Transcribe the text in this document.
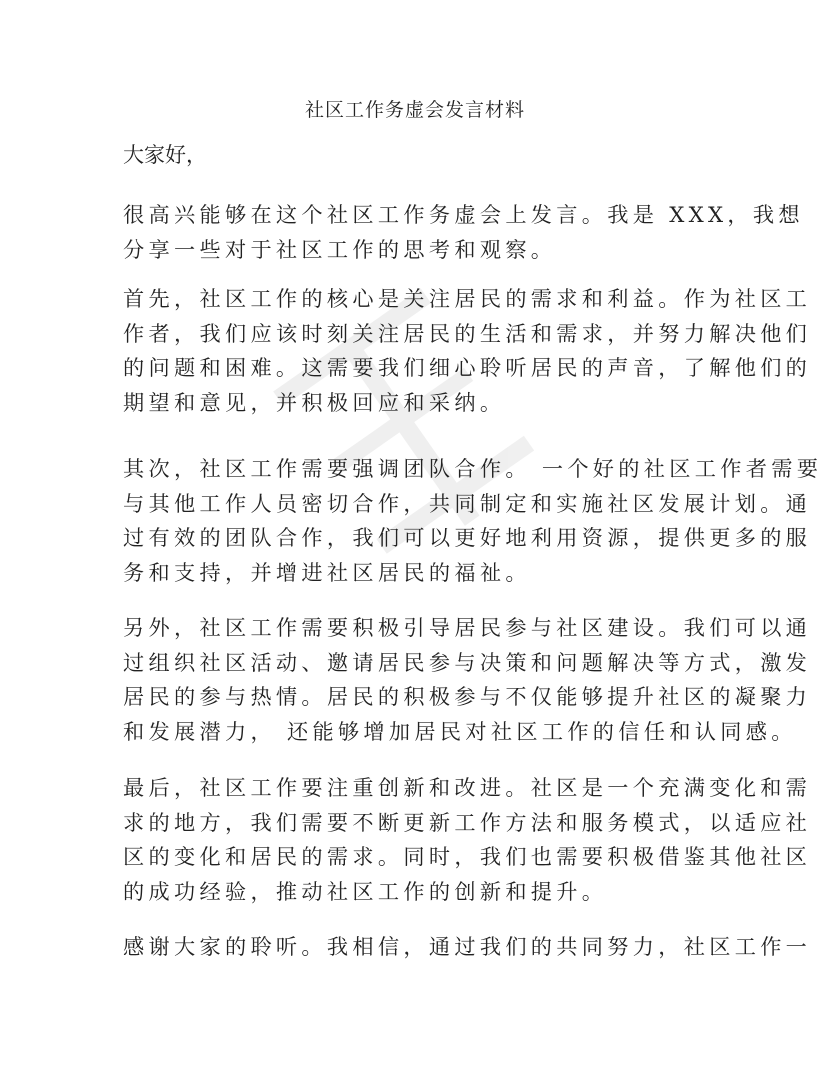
社区工作务虚会发言材料
大家好，
很高兴能够在这个社区工作务虚会上发言。我是 XXX，我想
分享一些对于社区工作的思考和观察。
首先，社区工作的核心是关注居民的需求和利益。作为社区工
作者，我们应该时刻关注居民的生活和需求，并努力解决他们
的问题和困难。这需要我们细心聆听居民的声音，了解他们的
期望和意见，并积极回应和采纳。
其次，社区工作需要强调团队合作。 一个好的社区工作者需要
与其他工作人员密切合作，共同制定和实施社区发展计划。通
过有效的团队合作，我们可以更好地利用资源，提供更多的服
务和支持，并增进社区居民的福祉。
另外，社区工作需要积极引导居民参与社区建设。我们可以通
过组织社区活动、邀请居民参与决策和问题解决等方式，激发
居民的参与热情。居民的积极参与不仅能够提升社区的凝聚力
和发展潜力， 还能够增加居民对社区工作的信任和认同感。
最后，社区工作要注重创新和改进。社区是一个充满变化和需
求的地方，我们需要不断更新工作方法和服务模式，以适应社
区的变化和居民的需求。同时，我们也需要积极借鉴其他社区
的成功经验，推动社区工作的创新和提升。
感谢大家的聆听。我相信，通过我们的共同努力，社区工作一
